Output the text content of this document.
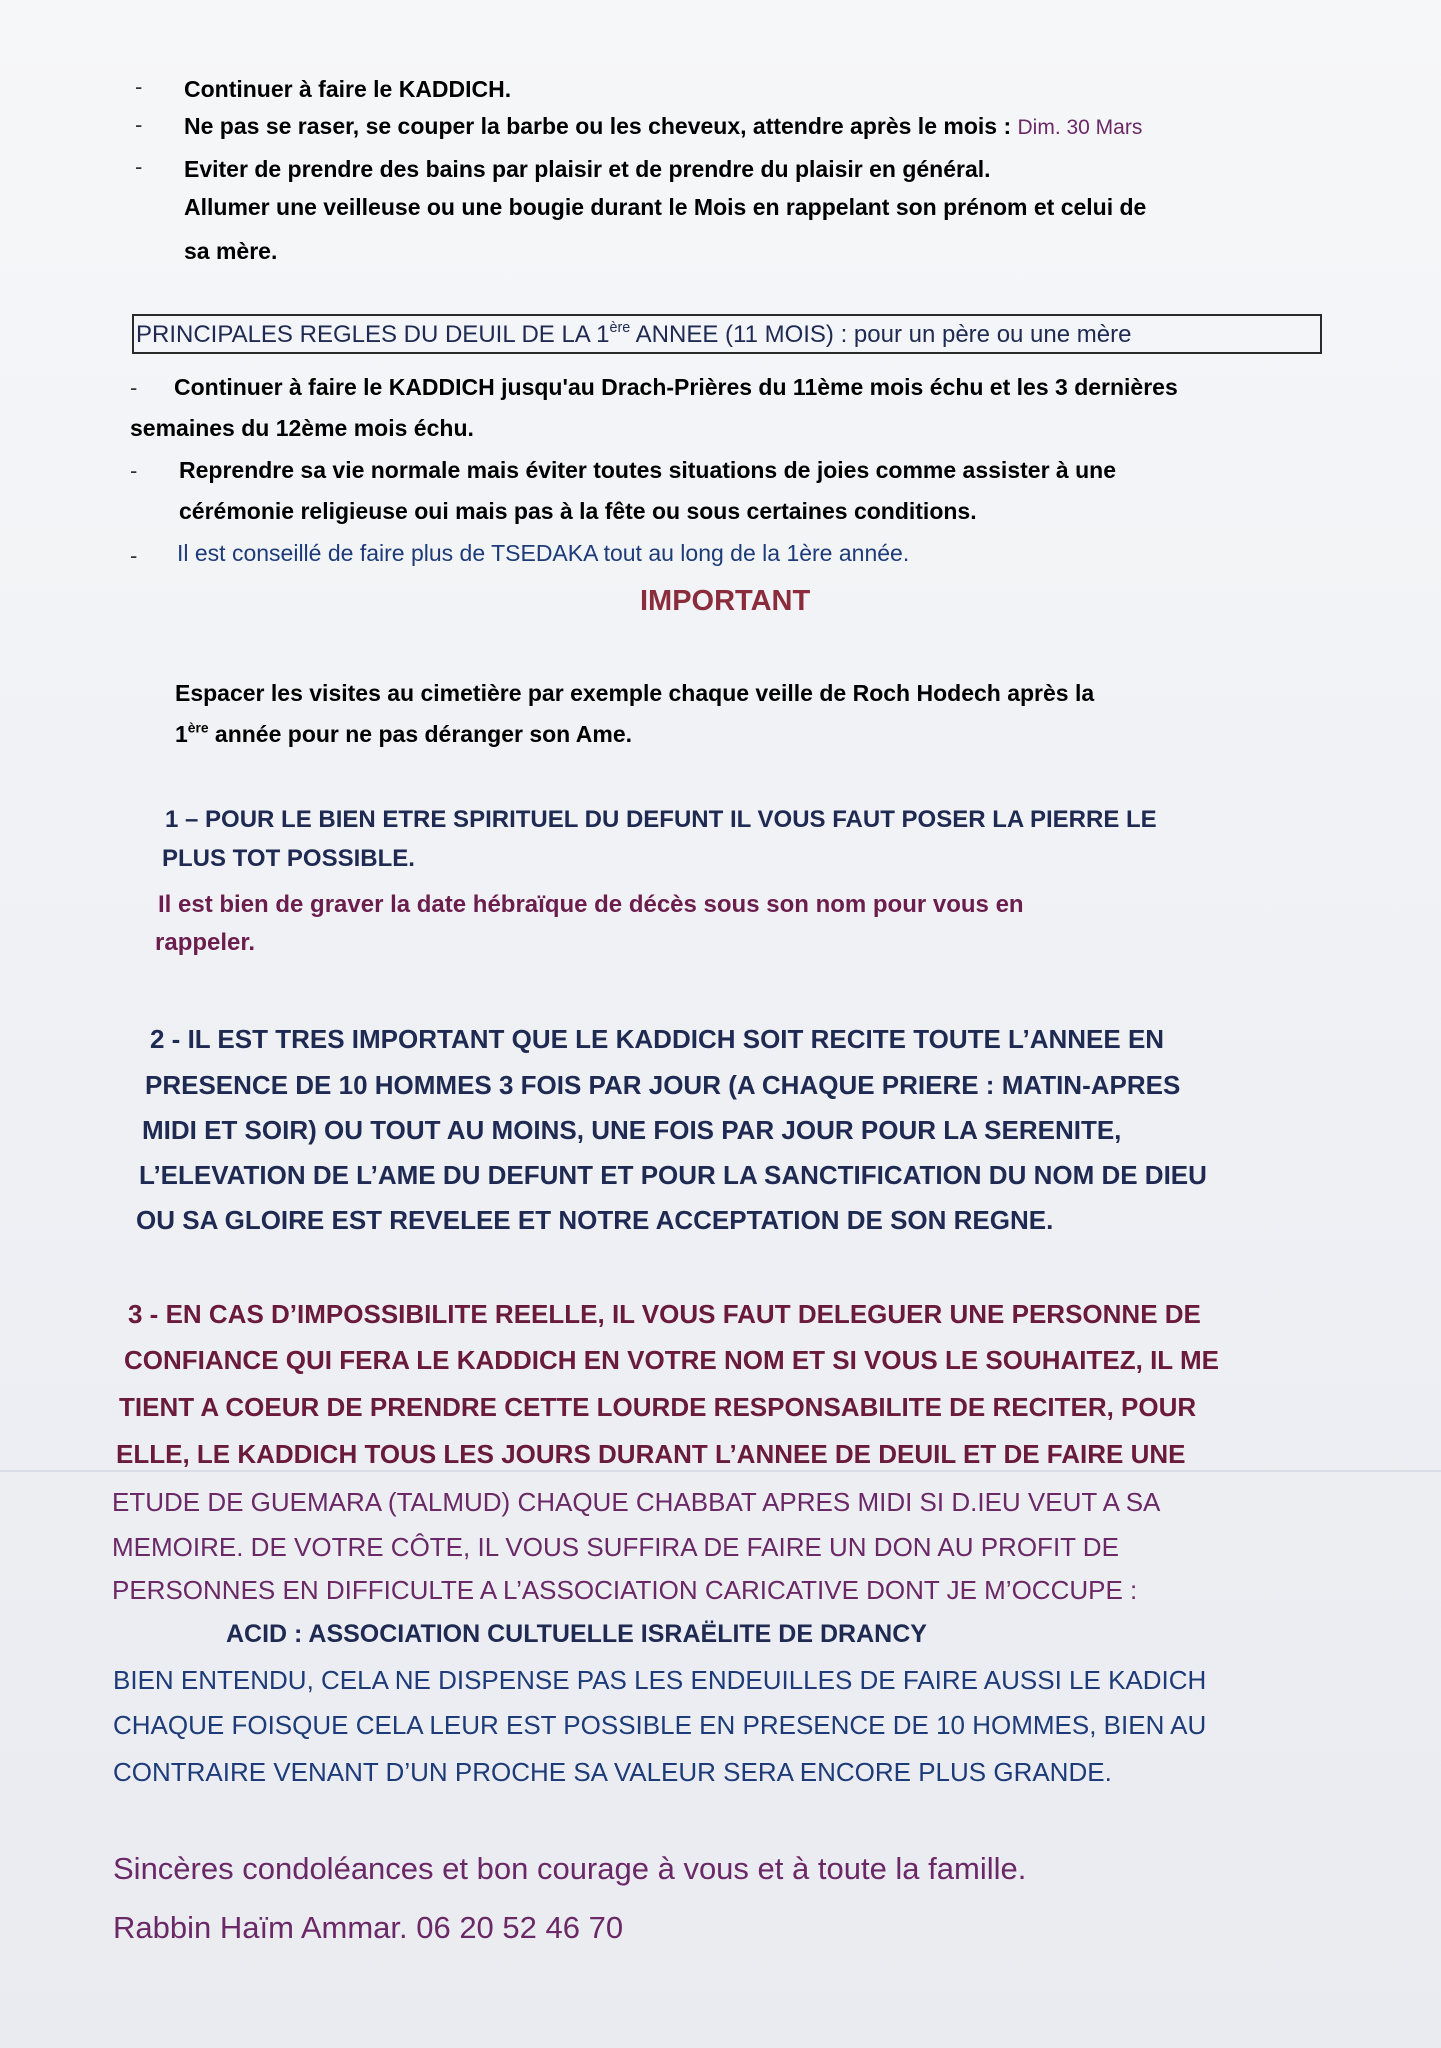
- Continuer à faire le KADDICH.
- Ne pas se raser, se couper la barbe ou les cheveux, attendre après le mois : Dim. 30 Mars
- Eviter de prendre des bains par plaisir et de prendre du plaisir en général.
Allumer une veilleuse ou une bougie durant le Mois en rappelant son prénom et celui de
sa mère.
PRINCIPALES REGLES DU DEUIL DE LA 1ère ANNEE (11 MOIS) : pour un père ou une mère
- Continuer à faire le KADDICH jusqu'au Drach-Prières du 11ème mois échu et les 3 dernières
semaines du 12ème mois échu.
- Reprendre sa vie normale mais éviter toutes situations de joies comme assister à une
cérémonie religieuse oui mais pas à la fête ou sous certaines conditions.
- Il est conseillé de faire plus de TSEDAKA tout au long de la 1ère année.
IMPORTANT
Espacer les visites au cimetière par exemple chaque veille de Roch Hodech après la
1ère année pour ne pas déranger son Ame.
1 – POUR LE BIEN ETRE SPIRITUEL DU DEFUNT IL VOUS FAUT POSER LA PIERRE LE
PLUS TOT POSSIBLE.
Il est bien de graver la date hébraïque de décès sous son nom pour vous en
rappeler.
2 - IL EST TRES IMPORTANT QUE LE KADDICH SOIT RECITE TOUTE L’ANNEE EN
PRESENCE DE 10 HOMMES 3 FOIS PAR JOUR (A CHAQUE PRIERE : MATIN-APRES
MIDI ET SOIR) OU TOUT AU MOINS, UNE FOIS PAR JOUR POUR LA SERENITE,
L’ELEVATION DE L’AME DU DEFUNT ET POUR LA SANCTIFICATION DU NOM DE DIEU
OU SA GLOIRE EST REVELEE ET NOTRE ACCEPTATION DE SON REGNE.
3 - EN CAS D’IMPOSSIBILITE REELLE, IL VOUS FAUT DELEGUER UNE PERSONNE DE
CONFIANCE QUI FERA LE KADDICH EN VOTRE NOM ET SI VOUS LE SOUHAITEZ, IL ME
TIENT A COEUR DE PRENDRE CETTE LOURDE RESPONSABILITE DE RECITER, POUR
ELLE, LE KADDICH TOUS LES JOURS DURANT L’ANNEE DE DEUIL ET DE FAIRE UNE
ETUDE DE GUEMARA (TALMUD) CHAQUE CHABBAT APRES MIDI SI D.IEU VEUT A SA
MEMOIRE. DE VOTRE CÔTE, IL VOUS SUFFIRA DE FAIRE UN DON AU PROFIT DE
PERSONNES EN DIFFICULTE A L’ASSOCIATION CARICATIVE DONT JE M’OCCUPE :
ACID : ASSOCIATION CULTUELLE ISRAËLITE DE DRANCY
BIEN ENTENDU, CELA NE DISPENSE PAS LES ENDEUILLES DE FAIRE AUSSI LE KADICH
CHAQUE FOISQUE CELA LEUR EST POSSIBLE EN PRESENCE DE 10 HOMMES, BIEN AU
CONTRAIRE VENANT D’UN PROCHE SA VALEUR SERA ENCORE PLUS GRANDE.
Sincères condoléances et bon courage à vous et à toute la famille.
Rabbin Haïm Ammar. 06 20 52 46 70
